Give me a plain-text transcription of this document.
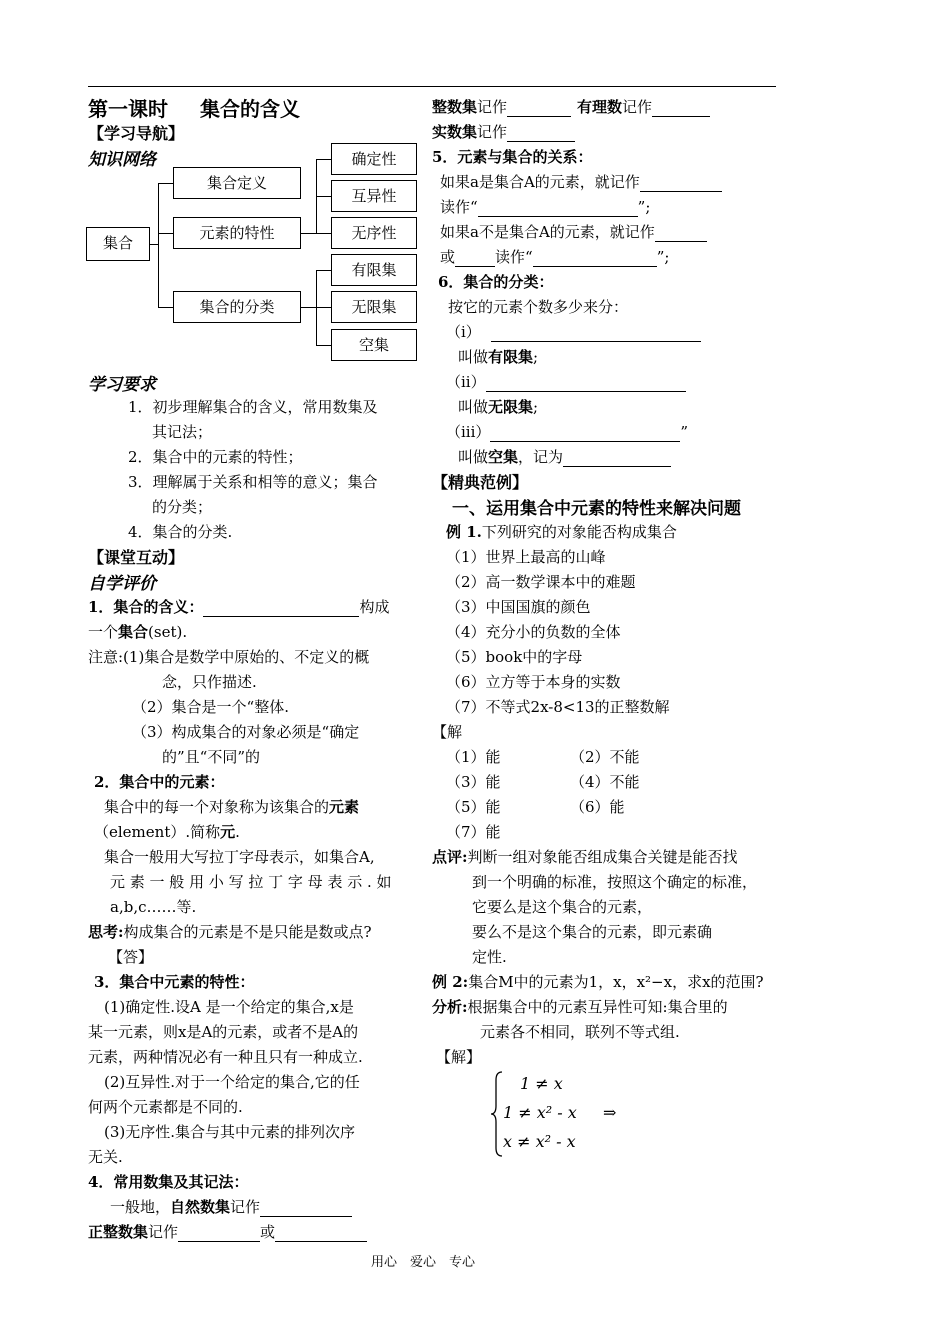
第一课时 集合的含义
【学习导航】
知识网络
集合
集合定义
元素的特性
集合的分类
确定性
互异性
无序性
有限集
无限集
空集
学习要求
1．初步理解集合的含义，常用数集及
其记法；
2．集合中的元素的特性；
3．理解属于关系和相等的意义；集合
的分类；
4．集合的分类.
【课堂互动】
自学评价
1．集合的含义：	构成
一个集合(set).
注意:(1)集合是数学中原始的、不定义的概
念，只作描述.
（2）集合是一个“整体.
（3）构成集合的对象必须是“确定
的”且“不同”的
2．集合中的元素：
集合中的每一个对象称为该集合的元素
（element）.简称元.
集合一般用大写拉丁字母表示，如集合A,
元 素 一 般 用 小 写 拉 丁 字 母 表 示 . 如
a,b,c……等.
思考:构成集合的元素是不是只能是数或点?
【答】
3．集合中元素的特性：
(1)确定性.设A 是一个给定的集合,x是
某一元素，则x是A的元素，或者不是A的
元素，两种情况必有一种且只有一种成立.
(2)互异性.对于一个给定的集合,它的任
何两个元素都是不同的.
(3)无序性.集合与其中元素的排列次序
无关.
4．常用数集及其记法：
一般地，自然数集记作
正整数集记作	或
整数集记作	有理数记作
实数集记作
5．元素与集合的关系：
如果a是集合A的元素，就记作
读作“	”;
如果a不是集合A的元素，就记作
或	读作“	”;
6．集合的分类：
按它的元素个数多少来分：
（i）
叫做有限集;
（ii）
叫做无限集;
（iii）	”
叫做空集，记为
【精典范例】
一、运用集合中元素的特性来解决问题
例 1.下列研究的对象能否构成集合
（1）世界上最高的山峰
（2）高一数学课本中的难题
（3）中国国旗的颜色
（4）充分小的负数的全体
（5）book中的字母
（6）立方等于本身的实数
（7）不等式2x-8<13的正整数解
【解
（1）能	（2）不能
（3）能	（4）不能
（5）能	（6）能
（7）能
点评:判断一组对象能否组成集合关键是能否找
到一个明确的标准，按照这个确定的标准，
它要么是这个集合的元素，
要么不是这个集合的元素，即元素确
定性.
例 2:集合M中的元素为1，x，x²−x，求x的范围?
分析:根据集合中的元素互异性可知:集合里的
元素各不相同，联列不等式组.
【解】
1 ≠ x
1 ≠ x² - x
x ≠ x² - x
⇒
用心　爱心　专心
